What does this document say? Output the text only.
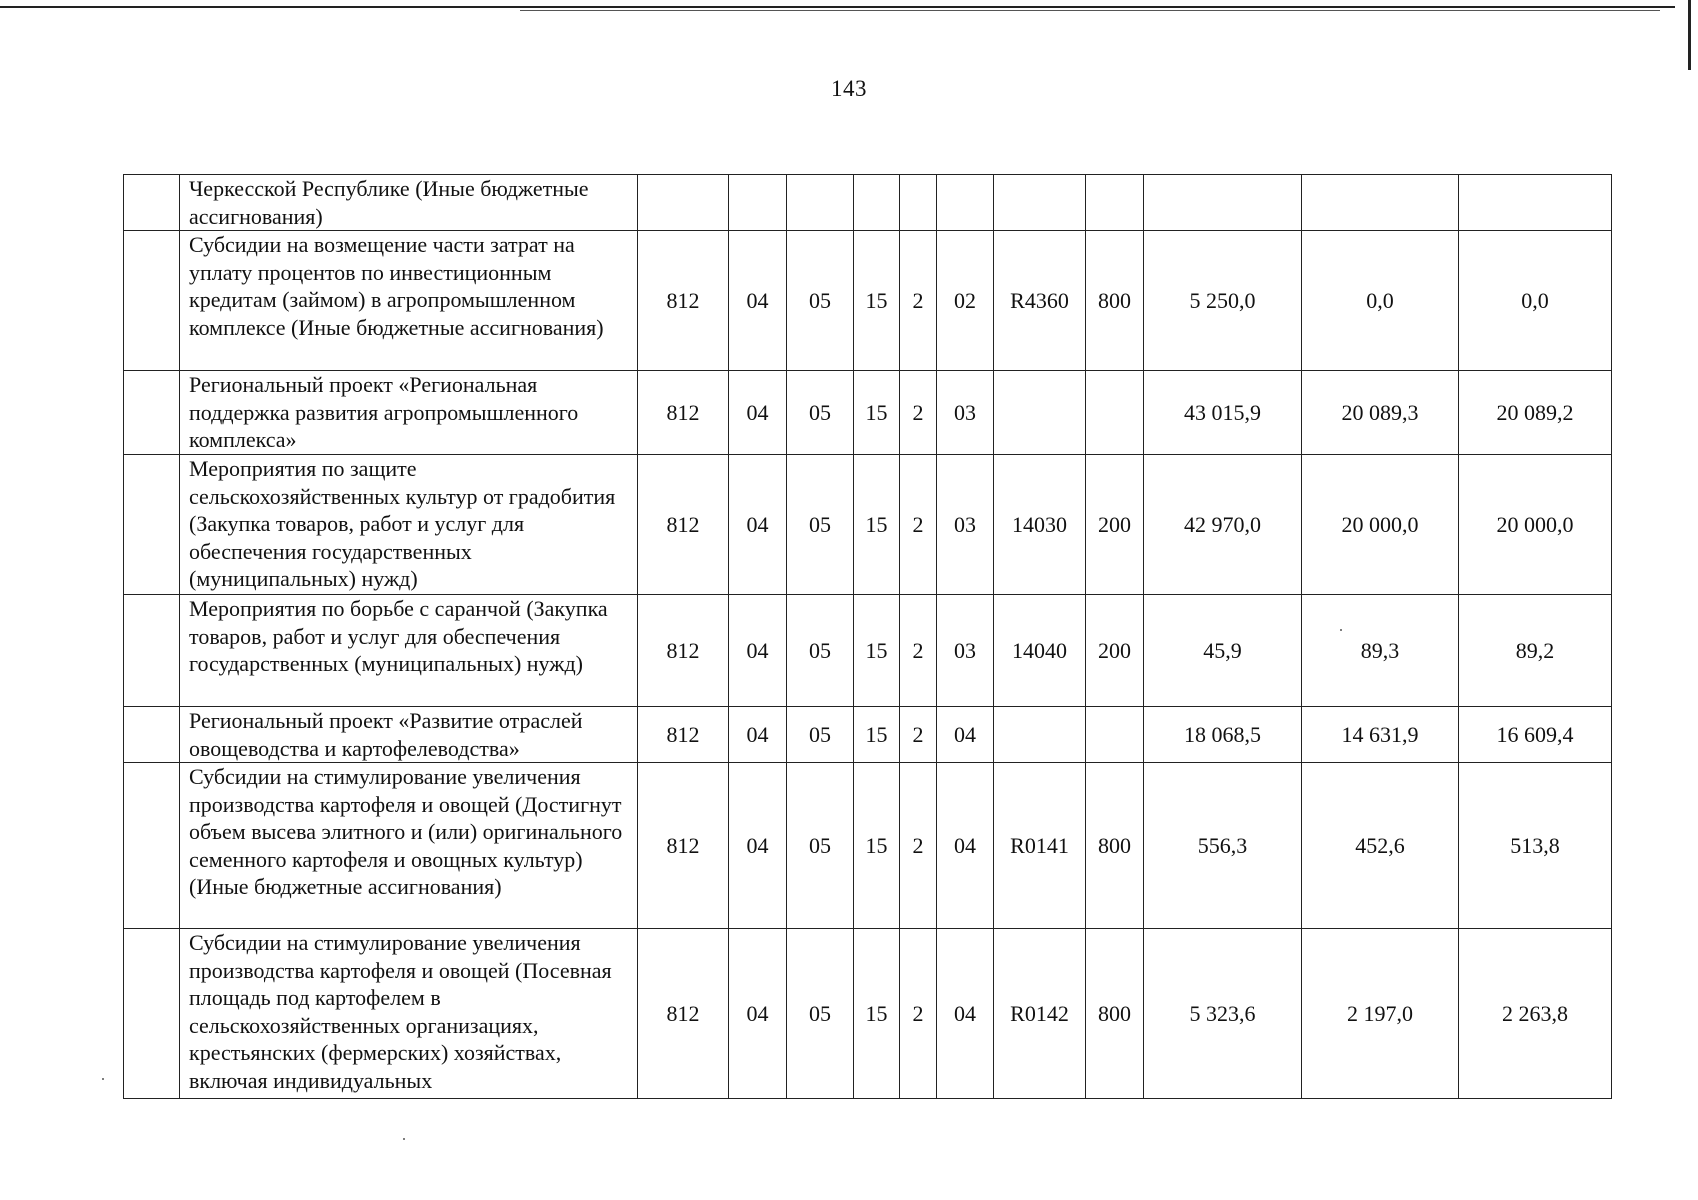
143
	Черкесской Республике (Иные бюджетные ассигнования)											
	Субсидии на возмещение части затрат на уплату процентов по инвестиционным кредитам (займом) в агропромышленном комплексе (Иные бюджетные ассигнования)	812	04	05	15	2	02	R4360	800	5 250,0	0,0	0,0
	Региональный проект «Региональная поддержка развития агропромышленного комплекса»	812	04	05	15	2	03			43 015,9	20 089,3	20 089,2
	Мероприятия по защите сельскохозяйственных культур от градобития (Закупка товаров, работ и услуг для обеспечения государственных (муниципальных) нужд)	812	04	05	15	2	03	14030	200	42 970,0	20 000,0	20 000,0
	Мероприятия по борьбе с саранчой (Закупка товаров, работ и услуг для обеспечения государственных (муниципальных) нужд)	812	04	05	15	2	03	14040	200	45,9	89,3	89,2
	Региональный проект «Развитие отраслей овощеводства и картофелеводства»	812	04	05	15	2	04			18 068,5	14 631,9	16 609,4
	Субсидии на стимулирование увеличения производства картофеля и овощей (Достигнут объем высева элитного и (или) оригинального семенного картофеля и овощных культур) (Иные бюджетные ассигнования)	812	04	05	15	2	04	R0141	800	556,3	452,6	513,8
	Субсидии на стимулирование увеличения производства картофеля и овощей (Посевная площадь под картофелем в сельскохозяйственных организациях, крестьянских (фермерских) хозяйствах, включая индивидуальных	812	04	05	15	2	04	R0142	800	5 323,6	2 197,0	2 263,8
